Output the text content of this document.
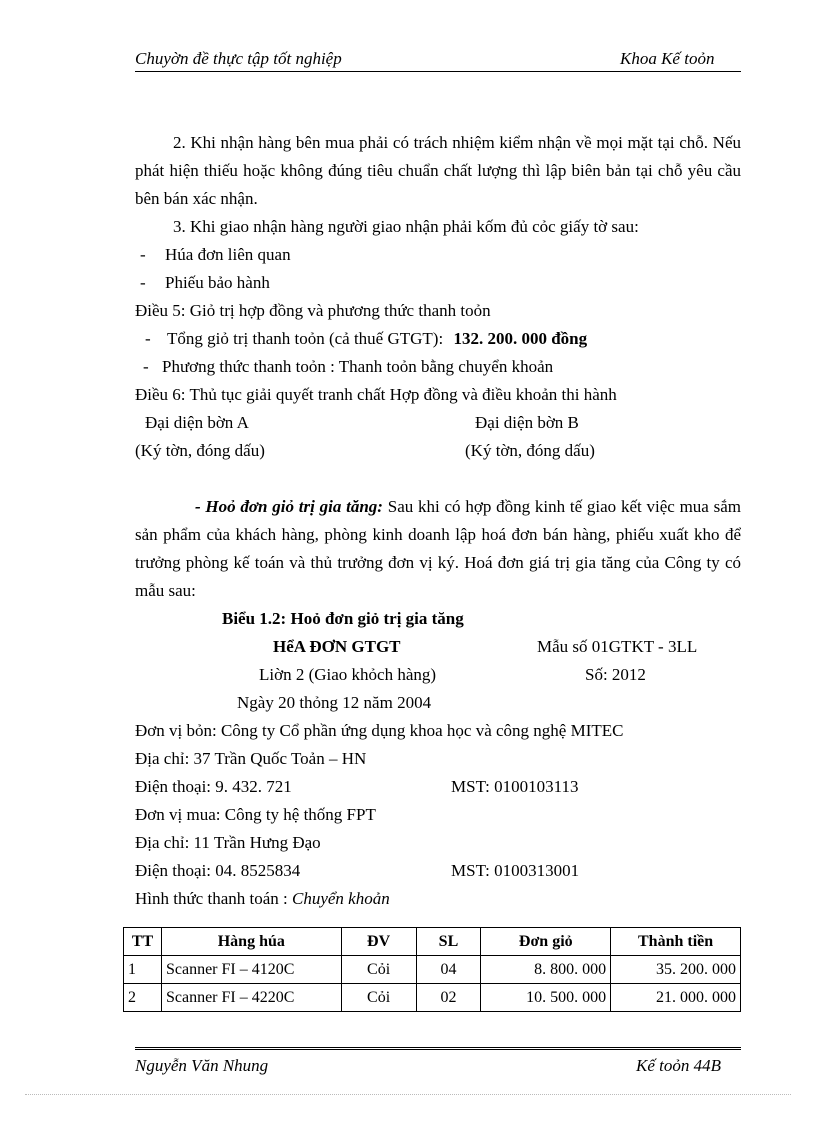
Chuyờn đề thực tập tốt nghiệp	Khoa Kế toỏn
2. Khi nhận hàng bên mua phải có trách nhiệm kiểm nhận về mọi mặt tại chỗ. Nếu phát hiện thiếu hoặc không đúng tiêu chuẩn chất lượng thì lập biên bản tại chỗ yêu cầu bên bán xác nhận.
3. Khi giao nhận hàng người giao nhận phải kốm đủ cỏc giấy tờ sau:
- Húa đơn liên quan
- Phiếu bảo hành
Điều 5: Giỏ trị hợp đồng và phương thức thanh toỏn
- Tổng giỏ trị thanh toỏn (cả thuế GTGT): 132. 200. 000 đồng
- Phương thức thanh toỏn : Thanh toỏn bằng chuyển khoản
Điều 6: Thủ tục giải quyết tranh chất Hợp đồng và điều khoản thi hành
Đại diện bờn A	Đại diện bờn B
(Ký tờn, đóng dấu)	(Ký tờn, đóng dấu)
- Hoỏ đơn giỏ trị gia tăng: Sau khi có hợp đồng kinh tế giao kết việc mua sắm sản phẩm của khách hàng, phòng kinh doanh lập hoá đơn bán hàng, phiếu xuất kho để trưởng phòng kế toán và thủ trưởng đơn vị ký. Hoá đơn giá trị gia tăng của Công ty có mẫu sau:
Biểu 1.2: Hoỏ đơn giỏ trị gia tăng
HểA ĐƠN GTGT	Mẫu số 01GTKT - 3LL
Liờn 2 (Giao khỏch hàng)	Số: 2012
Ngày 20 thỏng 12 năm 2004
Đơn vị bỏn: Công ty Cổ phần ứng dụng khoa học và công nghệ MITEC
Địa chỉ: 37 Trần Quốc Toản – HN
Điện thoại: 9. 432. 721	MST: 0100103113
Đơn vị mua: Công ty hệ thống FPT
Địa chỉ: 11 Trần Hưng Đạo
Điện thoại: 04. 8525834	MST: 0100313001
Hình thức thanh toán : Chuyển khoản
TT	Hàng húa	ĐV	SL	Đơn giỏ	Thành tiền
1	Scanner FI – 4120C	Cỏi	04	8. 800. 000	35. 200. 000
2	Scanner FI – 4220C	Cỏi	02	10. 500. 000	21. 000. 000
Nguyễn Văn Nhung	Kế toỏn 44B
